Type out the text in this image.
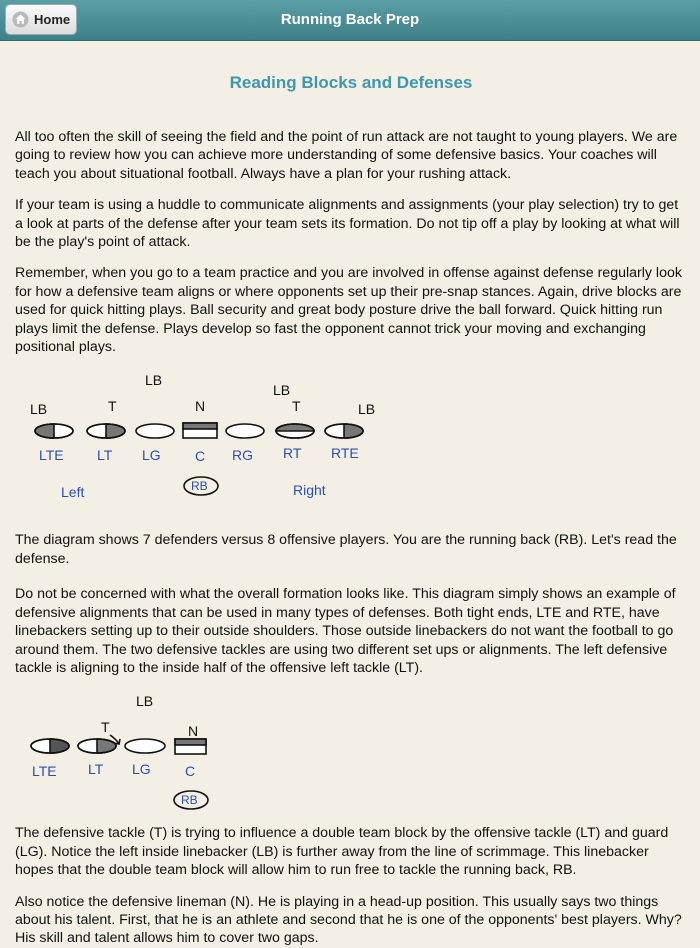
Home	Running Back Prep
Reading Blocks and Defenses

All too often the skill of seeing the field and the point of run attack are not taught to young players. We are going to review how you can achieve more understanding of some defensive basics. Your coaches will teach you about situational football. Always have a plan for your rushing attack.

If your team is using a huddle to communicate alignments and assignments (your play selection) try to get a look at parts of the defense after your team sets its formation. Do not tip off a play by looking at what will be the play's point of attack.

Remember, when you go to a team practice and you are involved in offense against defense regularly look for how a defensive team aligns or where opponents set up their pre-snap stances. Again, drive blocks are used for quick hitting plays. Ball security and great body posture drive the ball forward. Quick hitting run plays limit the defense. Plays develop so fast the opponent cannot trick your moving and exchanging positional plays.

LB	T
LB
N
LB
T	LB
LTE LT LG C RG RT RTE
RB
Left	Right

The diagram shows 7 defenders versus 8 offensive players. You are the running back (RB). Let's read the defense.

Do not be concerned with what the overall formation looks like. This diagram simply shows an example of defensive alignments that can be used in many types of defenses. Both tight ends, LTE and RTE, have linebackers setting up to their outside shoulders. Those outside linebackers do not want the football to go around them. The two defensive tackles are using two different set ups or alignments. The left defensive tackle is aligning to the inside half of the offensive left tackle (LT).

LB
T	N
LTE LT LG C
RB

The defensive tackle (T) is trying to influence a double team block by the offensive tackle (LT) and guard (LG). Notice the left inside linebacker (LB) is further away from the line of scrimmage. This linebacker hopes that the double team block will allow him to run free to tackle the running back, RB.

Also notice the defensive lineman (N). He is playing in a head-up position. This usually says two things about his talent. First, that he is an athlete and second that he is one of the opponents' best players. Why? His skill and talent allows him to cover two gaps.
